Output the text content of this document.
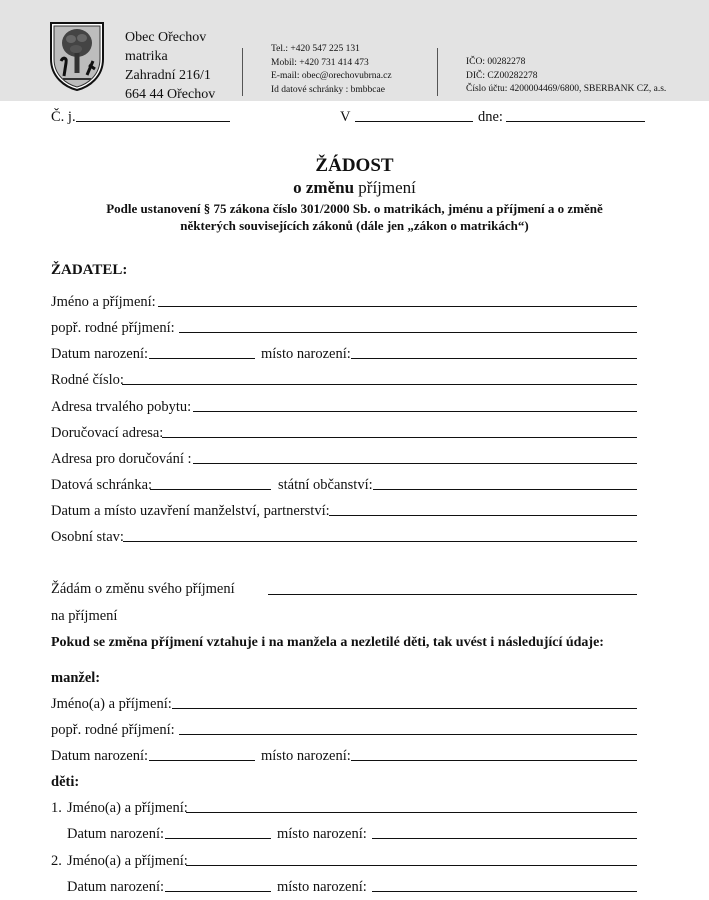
Obec Ořechov
matrika
Zahradní 216/1
664 44 Ořechov
Tel.: +420 547 225 131
Mobil: +420 731 414 473
E-mail: obec@orechovubrna.cz
Id datové schránky : bmbbcae
IČO: 00282278
DIČ: CZ00282278
Číslo účtu: 4200004469/6800, SBERBANK CZ, a.s.
Č. j.	V	dne:
ŽÁDOST
o změnu příjmení
Podle ustanovení § 75 zákona číslo 301/2000 Sb. o matrikách, jménu a příjmení a o změně
některých souvisejících zákonů (dále jen „zákon o matrikách“)
ŽADATEL:
Jméno a příjmení:
popř. rodné příjmení:
Datum narození:	místo narození:
Rodné číslo:
Adresa trvalého pobytu:
Doručovací adresa:
Adresa pro doručování :
Datová schránka:	státní občanství:
Datum a místo uzavření manželství, partnerství:
Osobní stav:
Žádám o změnu svého příjmení
na příjmení
Pokud se změna příjmení vztahuje i na manžela a nezletilé děti, tak uvést i následující údaje:
manžel:
Jméno(a) a příjmení:
popř. rodné příjmení:
Datum narození:	místo narození:
děti:
1. Jméno(a) a příjmení:
Datum narození:	místo narození:
2. Jméno(a) a příjmení:
Datum narození:	místo narození:
